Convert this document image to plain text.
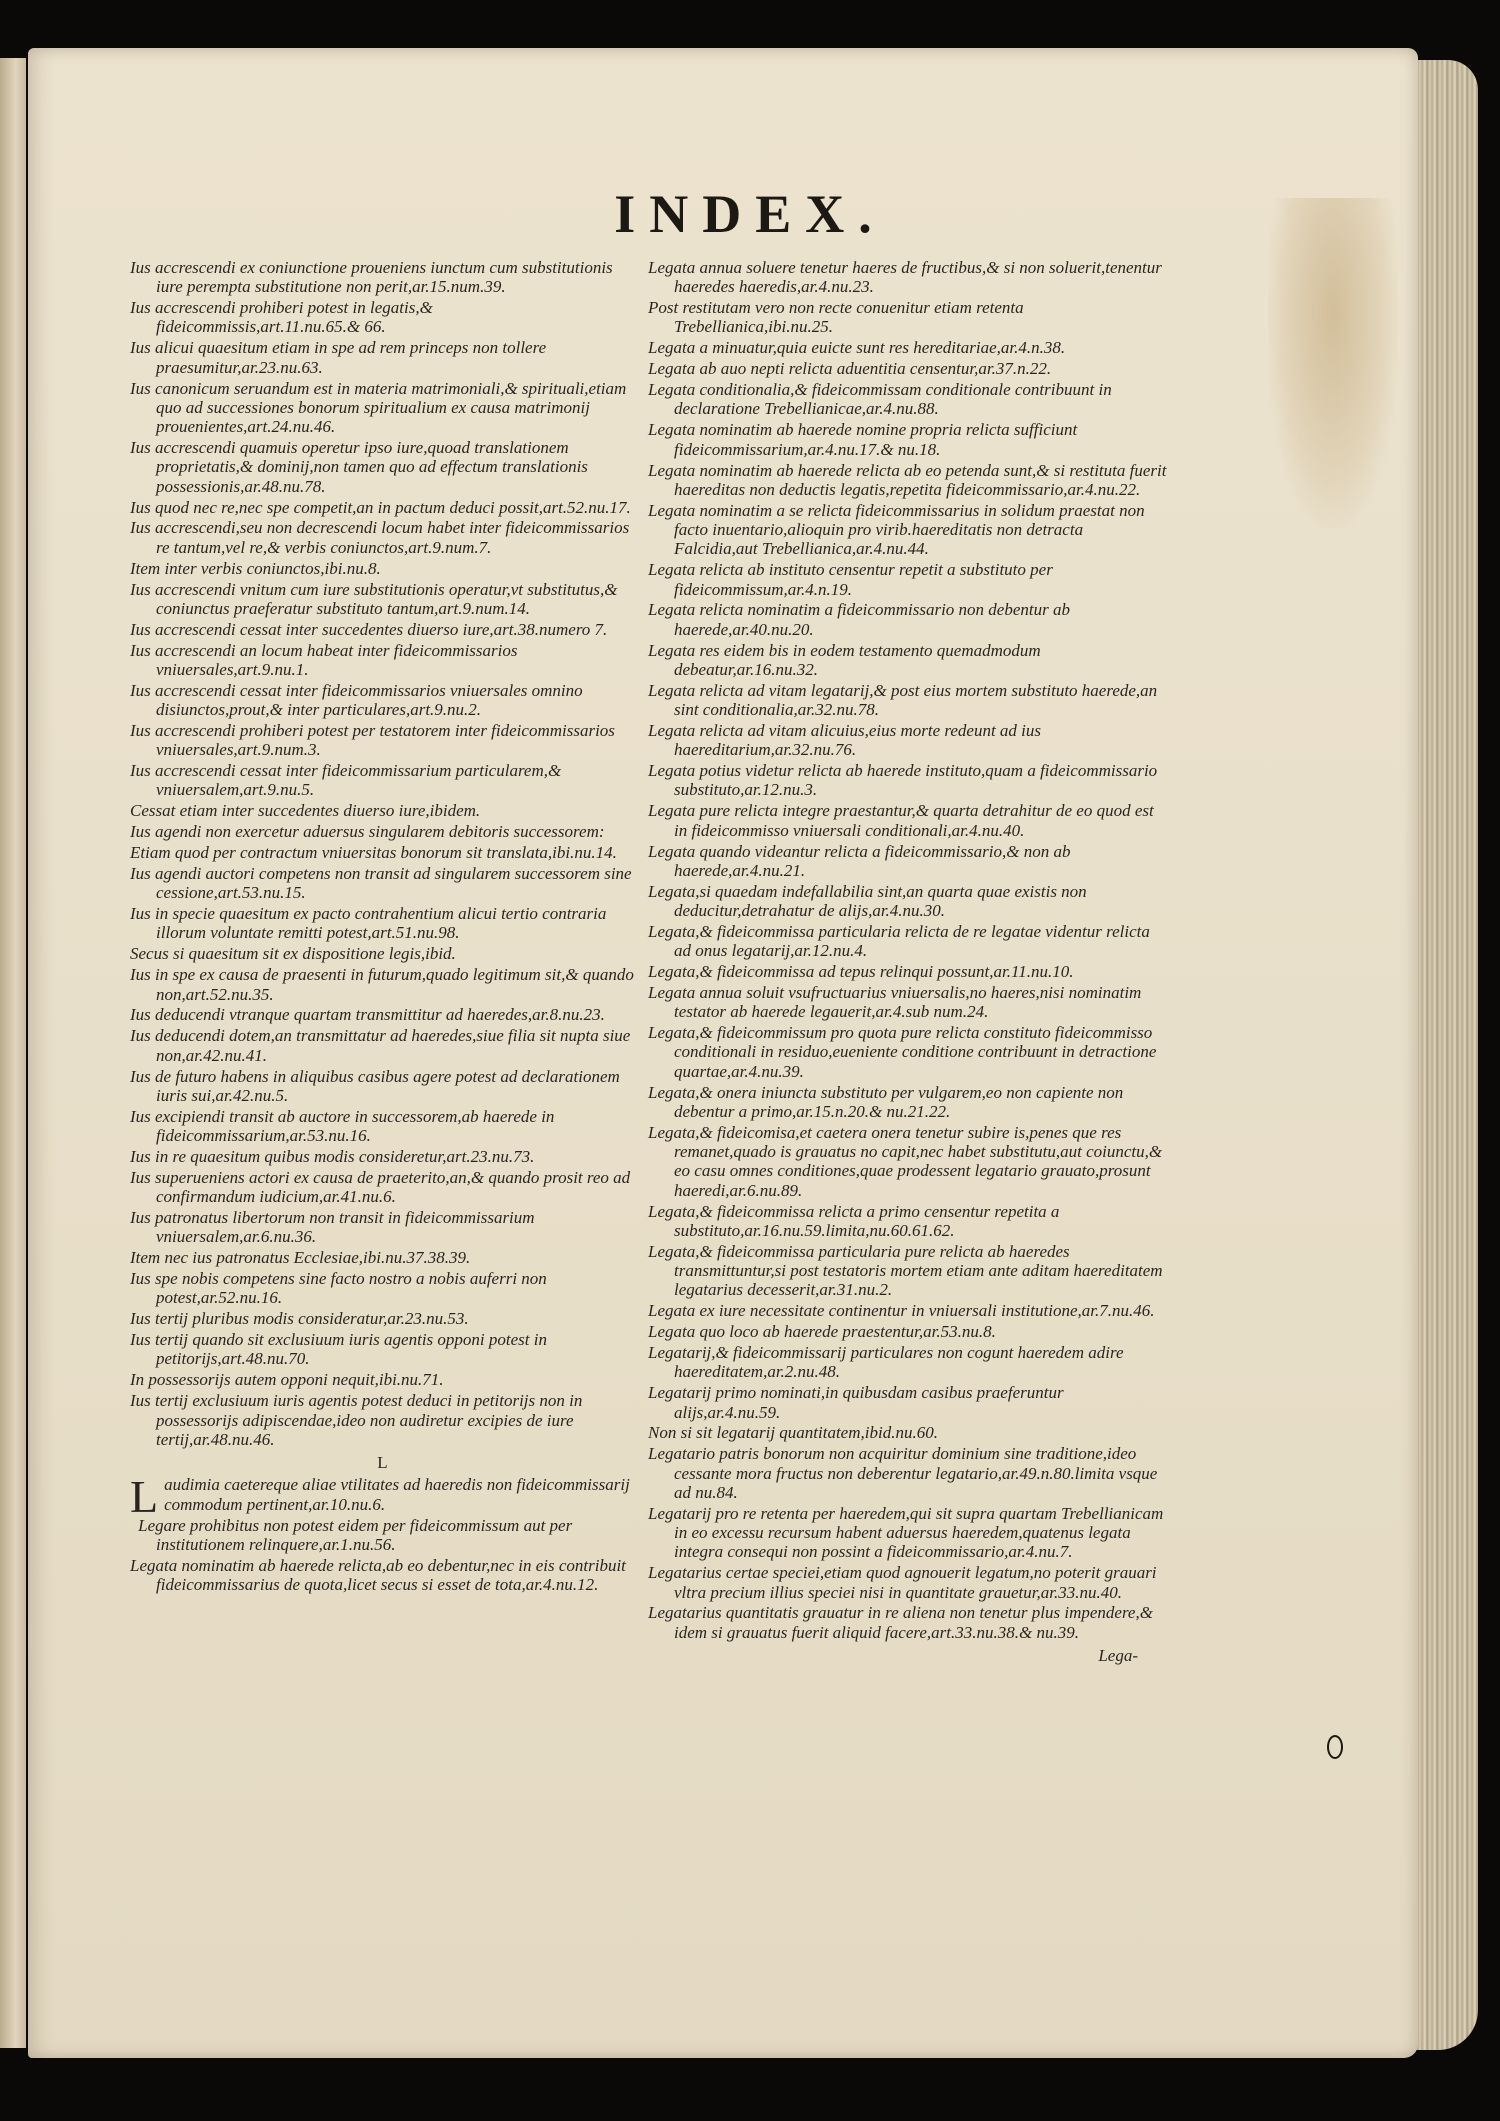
INDEX.
Ius accrescendi ex coniunctione proueniens iunctum cum substitutionis iure perempta substitutione non perit,ar.15.num.39.
Ius accrescendi prohiberi potest in legatis,& fideicommissis,art.11.nu.65.& 66.
Ius alicui quaesitum etiam in spe ad rem princeps non tollere praesumitur,ar.23.nu.63.
Ius canonicum seruandum est in materia matrimoniali,& spirituali,etiam quo ad successiones bonorum spiritualium ex causa matrimonij prouenientes,art.24.nu.46.
Ius accrescendi quamuis operetur ipso iure,quoad translationem proprietatis,& dominij,non tamen quo ad effectum translationis possessionis,ar.48.nu.78.
Ius quod nec re,nec spe competit,an in pactum deduci possit,art.52.nu.17.
Ius accrescendi,seu non decrescendi locum habet inter fideicommissarios re tantum,vel re,& verbis coniunctos,art.9.num.7.
Item inter verbis coniunctos,ibi.nu.8.
Ius accrescendi vnitum cum iure substitutionis operatur,vt substitutus,& coniunctus praeferatur substituto tantum,art.9.num.14.
Ius accrescendi cessat inter succedentes diuerso iure,art.38.numero 7.
Ius accrescendi an locum habeat inter fideicommissarios vniuersales,art.9.nu.1.
Ius accrescendi cessat inter fideicommissarios vniuersales omnino disiunctos,prout,& inter particulares,art.9.nu.2.
Ius accrescendi prohiberi potest per testatorem inter fideicommissarios vniuersales,art.9.num.3.
Ius accrescendi cessat inter fideicommissarium particularem,& vniuersalem,art.9.nu.5.
Cessat etiam inter succedentes diuerso iure,ibidem.
Ius agendi non exercetur aduersus singularem debitoris successorem:
Etiam quod per contractum vniuersitas bonorum sit translata,ibi.nu.14.
Ius agendi auctori competens non transit ad singularem successorem sine cessione,art.53.nu.15.
Ius in specie quaesitum ex pacto contrahentium alicui tertio contraria illorum voluntate remitti potest,art.51.nu.98.
Secus si quaesitum sit ex dispositione legis,ibid.
Ius in spe ex causa de praesenti in futurum,quado legitimum sit,& quando non,art.52.nu.35.
Ius deducendi vtranque quartam transmittitur ad haeredes,ar.8.nu.23.
Ius deducendi dotem,an transmittatur ad haeredes,siue filia sit nupta siue non,ar.42.nu.41.
Ius de futuro habens in aliquibus casibus agere potest ad declarationem iuris sui,ar.42.nu.5.
Ius excipiendi transit ab auctore in successorem,ab haerede in fideicommissarium,ar.53.nu.16.
Ius in re quaesitum quibus modis consideretur,art.23.nu.73.
Ius superueniens actori ex causa de praeterito,an,& quando prosit reo ad confirmandum iudicium,ar.41.nu.6.
Ius patronatus libertorum non transit in fideicommissarium vniuersalem,ar.6.nu.36.
Item nec ius patronatus Ecclesiae,ibi.nu.37.38.39.
Ius spe nobis competens sine facto nostro a nobis auferri non potest,ar.52.nu.16.
Ius tertij pluribus modis consideratur,ar.23.nu.53.
Ius tertij quando sit exclusiuum iuris agentis opponi potest in petitorijs,art.48.nu.70.
In possessorijs autem opponi nequit,ibi.nu.71.
Ius tertij exclusiuum iuris agentis potest deduci in petitorijs non in possessorijs adipiscendae,ideo non audiretur excipies de iure tertij,ar.48.nu.46.
L
Laudimia caetereque aliae vtilitates ad haeredis non fideicommissarij commodum pertinent,ar.10.nu.6.
Legare prohibitus non potest eidem per fideicommissum aut per institutionem relinquere,ar.1.nu.56.
Legata nominatim ab haerede relicta,ab eo debentur,nec in eis contribuit fideicommissarius de quota,licet secus si esset de tota,ar.4.nu.12.
Legata annua soluere tenetur haeres de fructibus,& si non soluerit,tenentur haeredes haeredis,ar.4.nu.23.
Post restitutam vero non recte conuenitur etiam retenta Trebellianica,ibi.nu.25.
Legata a minuatur,quia euicte sunt res hereditariae,ar.4.n.38.
Legata ab auo nepti relicta aduentitia censentur,ar.37.n.22.
Legata conditionalia,& fideicommissam conditionale contribuunt in declaratione Trebellianicae,ar.4.nu.88.
Legata nominatim ab haerede nomine propria relicta sufficiunt fideicommissarium,ar.4.nu.17.& nu.18.
Legata nominatim ab haerede relicta ab eo petenda sunt,& si restituta fuerit haereditas non deductis legatis,repetita fideicommissario,ar.4.nu.22.
Legata nominatim a se relicta fideicommissarius in solidum praestat non facto inuentario,alioquin pro virib.haereditatis non detracta Falcidia,aut Trebellianica,ar.4.nu.44.
Legata relicta ab instituto censentur repetit a substituto per fideicommissum,ar.4.n.19.
Legata relicta nominatim a fideicommissario non debentur ab haerede,ar.40.nu.20.
Legata res eidem bis in eodem testamento quemadmodum debeatur,ar.16.nu.32.
Legata relicta ad vitam legatarij,& post eius mortem substituto haerede,an sint conditionalia,ar.32.nu.78.
Legata relicta ad vitam alicuius,eius morte redeunt ad ius haereditarium,ar.32.nu.76.
Legata potius videtur relicta ab haerede instituto,quam a fideicommissario substituto,ar.12.nu.3.
Legata pure relicta integre praestantur,& quarta detrahitur de eo quod est in fideicommisso vniuersali conditionali,ar.4.nu.40.
Legata quando videantur relicta a fideicommissario,& non ab haerede,ar.4.nu.21.
Legata,si quaedam indefallabilia sint,an quarta quae existis non deducitur,detrahatur de alijs,ar.4.nu.30.
Legata,& fideicommissa particularia relicta de re legatae videntur relicta ad onus legatarij,ar.12.nu.4.
Legata,& fideicommissa ad tepus relinqui possunt,ar.11.nu.10.
Legata annua soluit vsufructuarius vniuersalis,no haeres,nisi nominatim testator ab haerede legauerit,ar.4.sub num.24.
Legata,& fideicommissum pro quota pure relicta constituto fideicommisso conditionali in residuo,eueniente conditione contribuunt in detractione quartae,ar.4.nu.39.
Legata,& onera iniuncta substituto per vulgarem,eo non capiente non debentur a primo,ar.15.n.20.& nu.21.22.
Legata,& fideicomisa,et caetera onera tenetur subire is,penes que res remanet,quado is grauatus no capit,nec habet substitutu,aut coiunctu,& eo casu omnes conditiones,quae prodessent legatario grauato,prosunt haeredi,ar.6.nu.89.
Legata,& fideicommissa relicta a primo censentur repetita a substituto,ar.16.nu.59.limita,nu.60.61.62.
Legata,& fideicommissa particularia pure relicta ab haeredes transmittuntur,si post testatoris mortem etiam ante aditam haereditatem legatarius decesserit,ar.31.nu.2.
Legata ex iure necessitate continentur in vniuersali institutione,ar.7.nu.46.
Legata quo loco ab haerede praestentur,ar.53.nu.8.
Legatarij,& fideicommissarij particulares non cogunt haeredem adire haereditatem,ar.2.nu.48.
Legatarij primo nominati,in quibusdam casibus praeferuntur alijs,ar.4.nu.59.
Non si sit legatarij quantitatem,ibid.nu.60.
Legatario patris bonorum non acquiritur dominium sine traditione,ideo cessante mora fructus non deberentur legatario,ar.49.n.80.limita vsque ad nu.84.
Legatarij pro re retenta per haeredem,qui sit supra quartam Trebellianicam in eo excessu recursum habent aduersus haeredem,quatenus legata integra consequi non possint a fideicommissario,ar.4.nu.7.
Legatarius certae speciei,etiam quod agnouerit legatum,no poterit grauari vltra precium illius speciei nisi in quantitate grauetur,ar.33.nu.40.
Legatarius quantitatis grauatur in re aliena non tenetur plus impendere,& idem si grauatus fuerit aliquid facere,art.33.nu.38.& nu.39.
Lega-
